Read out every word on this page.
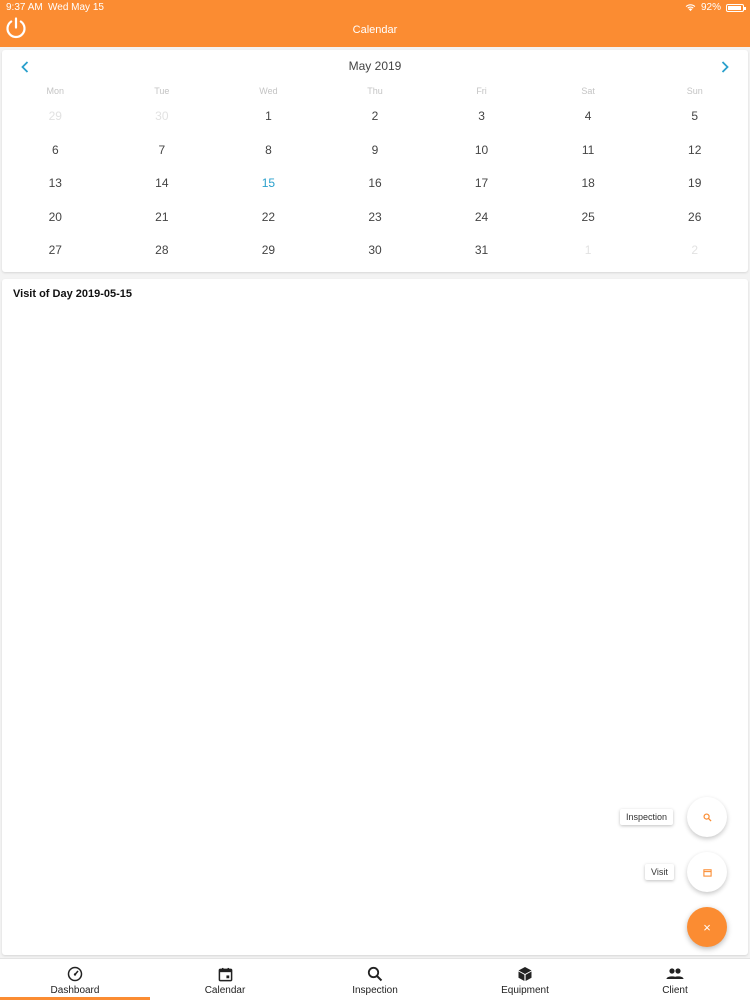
9:37 AM Wed May 15	92%
Calendar
May 2019
Mon	Tue	Wed	Thu	Fri	Sat	Sun
29	30	1	2	3	4	5
6	7	8	9	10	11	12
13	14	15	16	17	18	19
20	21	22	23	24	25	26
27	28	29	30	31	1	2
Visit of Day 2019-05-15
Inspection
Visit
×
Dashboard	Calendar	Inspection	Equipment	Client
